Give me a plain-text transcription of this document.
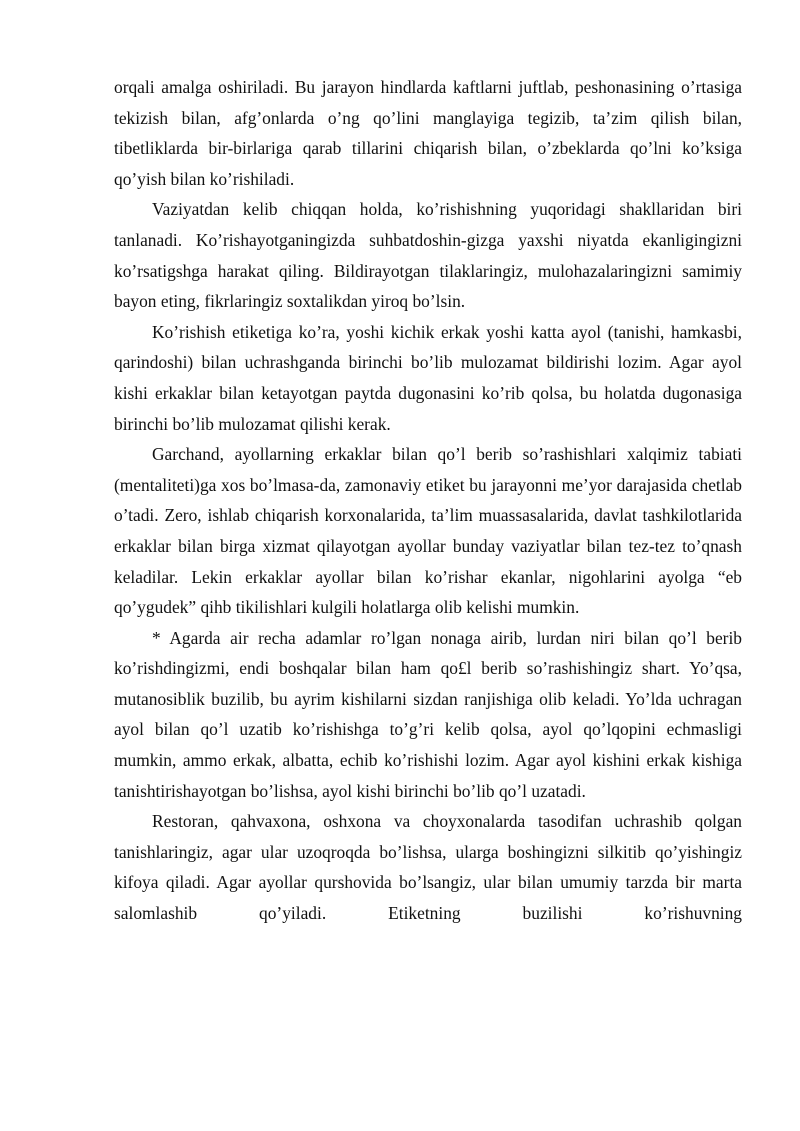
orqali amalga oshiriladi. Bu jarayon hindlarda kaftlarni juftlab, peshonasining o’rtasiga tekizish bilan, afg’onlarda o’ng qo’lini manglayiga tegizib, ta’zim qilish bilan, tibetliklarda bir-birlariga qarab tillarini chiqarish bilan, o’zbeklarda qo’lni ko’ksiga qo’yish bilan ko’rishiladi.

Vaziyatdan kelib chiqqan holda, ko’rishishning yuqoridagi shakllaridan biri tanlanadi. Ko’rishayotganingizda suhbatdoshin-gizga yaxshi niyatda ekanligingizni ko’rsatigshga harakat qiling. Bildirayotgan tilaklaringiz, mulohazalaringizni samimiy bayon eting, fikrlaringiz soxtalikdan yiroq bo’lsin.

Ko’rishish etiketiga ko’ra, yoshi kichik erkak yoshi katta ayol (tanishi, hamkasbi, qarindoshi) bilan uchrashganda birinchi bo’lib mulozamat bildirishi lozim. Agar ayol kishi erkaklar bilan ketayotgan paytda dugonasini ko’rib qolsa, bu holatda dugonasiga birinchi bo’lib mulozamat qilishi kerak.

Garchand, ayollarning erkaklar bilan qo’l berib so’rashishlari xalqimiz tabiati (mentaliteti)ga xos bo’lmasa-da, zamonaviy etiket bu jarayonni me’yor darajasida chetlab o’tadi. Zero, ishlab chiqarish korxonalarida, ta’lim muassasalarida, davlat tashkilotlarida erkaklar bilan birga xizmat qilayotgan ayollar bunday vaziyatlar bilan tez-tez to’qnash keladilar. Lekin erkaklar ayollar bilan ko’rishar ekanlar, nigohlarini ayolga “eb qo’ygudek” qihb tikilishlari kulgili holatlarga olib kelishi mumkin.

* Agarda air recha adamlar ro’lgan nonaga airib, lurdan niri bilan qo’l berib ko’rishdingizmi, endi boshqalar bilan ham qo£l berib so’rashishingiz shart. Yo’qsa, mutanosiblik buzilib, bu ayrim kishilarni sizdan ranjishiga olib keladi. Yo’lda uchragan ayol bilan qo’l uzatib ko’rishishga to’g’ri kelib qolsa, ayol qo’lqopini echmasligi mumkin, ammo erkak, albatta, echib ko’rishishi lozim. Agar ayol kishini erkak kishiga tanishtirishayotgan bo’lishsa, ayol kishi birinchi bo’lib qo’l uzatadi.

Restoran, qahvaxona, oshxona va choyxonalarda tasodifan uchrashib qolgan tanishlaringiz, agar ular uzoqroqda bo’lishsa, ularga boshingizni silkitib qo’yishingiz kifoya qiladi. Agar ayollar qurshovida bo’lsangiz, ular bilan umumiy tarzda bir marta salomlashib qo’yiladi. Etiketning buzilishi ko’rishuvning
